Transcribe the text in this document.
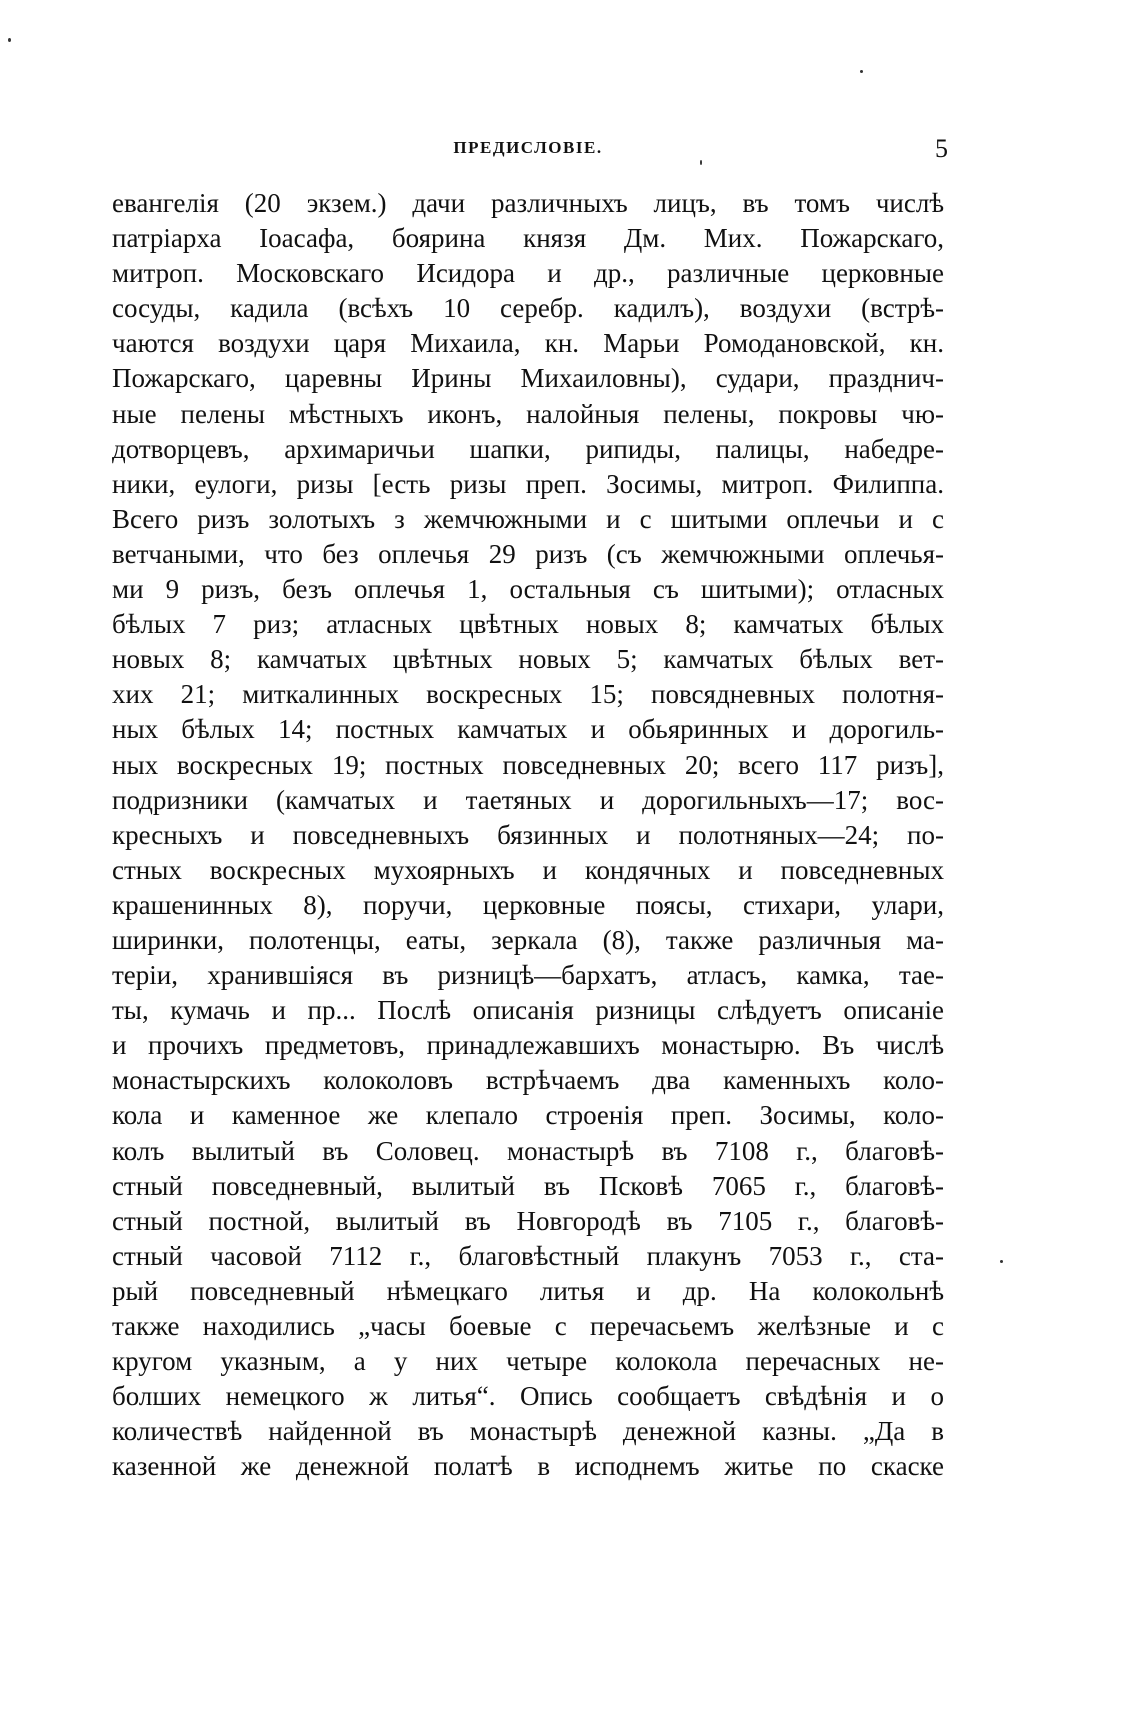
ПРЕДИСЛОВІЕ.	5
евангелія (20 экзем.) дачи различныхъ лицъ, въ томъ числѣ
патріарха Іоасафа, боярина князя Дм. Мих. Пожарскаго,
митроп. Московскаго Исидора и др., различные церковные
сосуды, кадила (всѣхъ 10 серебр. кадилъ), воздухи (встрѣ-
чаются воздухи царя Михаила, кн. Марьи Ромодановской, кн.
Пожарскаго, царевны Ирины Михаиловны), судари, празднич-
ные пелены мѣстныхъ иконъ, налойныя пелены, покровы чю-
дотворцевъ, архимаричьи шапки, рипиды, палицы, набедре-
ники, еулоги, ризы [есть ризы преп. Зосимы, митроп. Филиппа.
Всего ризъ золотыхъ з жемчюжными и с шитыми оплечьи и с
ветчаными, что без оплечья 29 ризъ (съ жемчюжными оплечья-
ми 9 ризъ, безъ оплечья 1, остальныя съ шитыми); отласных
бѣлых 7 риз; атласных цвѣтных новых 8; камчатых бѣлых
новых 8; камчатых цвѣтных новых 5; камчатых бѣлых вет-
хих 21; миткалинных воскресных 15; повсядневных полотня-
ных бѣлых 14; постных камчатых и обьяринных и дорогиль-
ных воскресных 19; постных повседневных 20; всего 117 ризъ],
подризники (камчатых и таетяных и дорогильныхъ—17; вос-
кресныхъ и повседневныхъ бязинных и полотняных—24; по-
стных воскресных мухоярныхъ и кондячных и повседневных
крашенинных 8), поручи, церковные поясы, стихари, улари,
ширинки, полотенцы, еаты, зеркала (8), также различныя ма-
теріи, хранившіяся въ ризницѣ—бархатъ, атласъ, камка, тае-
ты, кумачь и пр... Послѣ описанія ризницы слѣдуетъ описаніе
и прочихъ предметовъ, принадлежавшихъ монастырю. Въ числѣ
монастырскихъ колоколовъ встрѣчаемъ два каменныхъ коло-
кола и каменное же клепало строенія преп. Зосимы, коло-
колъ вылитый въ Соловец. монастырѣ въ 7108 г., благовѣ-
стный повседневный, вылитый въ Псковѣ 7065 г., благовѣ-
стный постной, вылитый въ Новгородѣ въ 7105 г., благовѣ-
стный часовой 7112 г., благовѣстный плакунъ 7053 г., ста-
рый повседневный нѣмецкаго литья и др. На колокольнѣ
также находились „часы боевые с перечасьемъ желѣзные и с
кругом указным, а у них четыре колокола перечасных не-
болших немецкого ж литья“. Опись сообщаетъ свѣдѣнія и о
количествѣ найденной въ монастырѣ денежной казны. „Да в
казенной же денежной полатѣ в исподнемъ житье по скаске
